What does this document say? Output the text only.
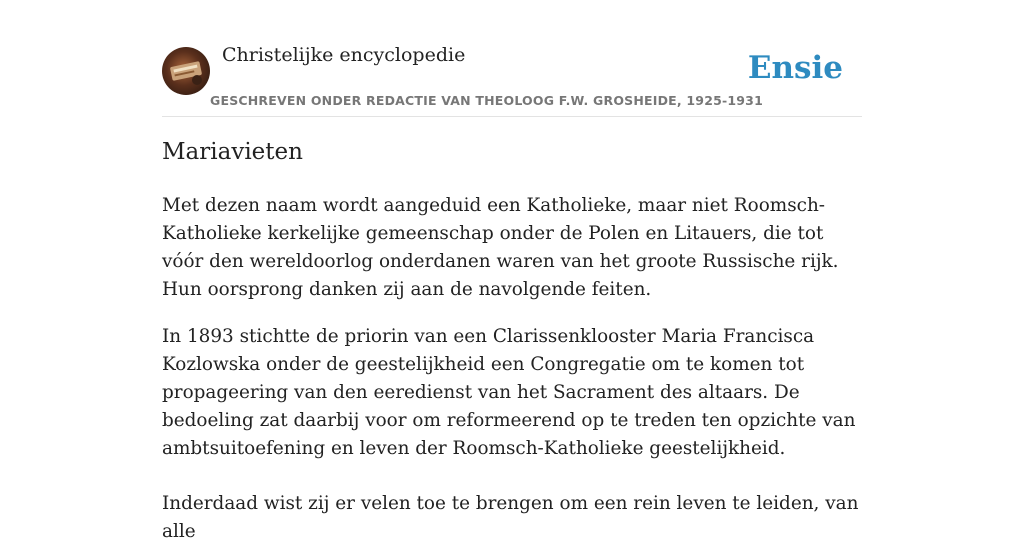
Christelijke encyclopedie
GESCHREVEN ONDER REDACTIE VAN THEOLOOG F.W. GROSHEIDE, 1925-1931
Ensie
Mariavieten

Met dezen naam wordt aangeduid een Katholieke, maar niet Roomsch-Katholieke kerkelijke gemeenschap onder de Polen en Litauers, die tot vóór den wereldoorlog onderdanen waren van het groote Russische rijk. Hun oorsprong danken zij aan de navolgende feiten.

In 1893 stichtte de priorin van een Clarissenklooster Maria Francisca Kozlowska onder de geestelijkheid een Congregatie om te komen tot propageering van den eeredienst van het Sacrament des altaars. De bedoeling zat daarbij voor om reformeerend op te treden ten opzichte van ambtsuitoefening en leven der Roomsch-Katholieke geestelijkheid.

Inderdaad wist zij er velen toe te brengen om een rein leven te leiden, van alle
